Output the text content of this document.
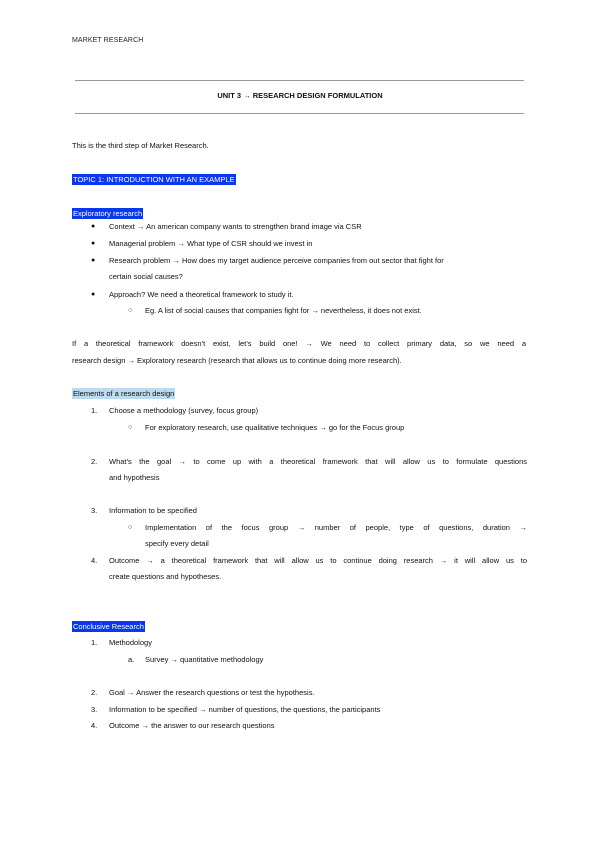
MARKET RESEARCH
UNIT 3 → RESEARCH DESIGN FORMULATION
This is the third step of Market Research.
TOPIC 1: INTRODUCTION WITH AN EXAMPLE
Exploratory research
● Context → An american company wants to strengthen brand image via CSR
● Managerial problem → What type of CSR should we invest in
● Research problem → How does my target audience perceive companies from out sector that fight for
certain social causes?
● Approach? We need a theoretical framework to study it.
○ Eg. A list of social causes that companies fight for → nevertheless, it does not exist.
If a theoretical framework doesn’t exist, let’s build one! → We need to collect primary data, so we need a
research design → Exploratory research (research that allows us to continue doing more research).
Elements of a research design
1. Choose a methodology (survey, focus group)
○ For exploratory research, use qualitative techniques → go for the Focus group
2. What’s the goal → to come up with a theoretical framework that will allow us to formulate questions
and hypothesis
3. Information to be specified
○ Implementation of the focus group → number of people, type of questions, duration →
specify every detail
4. Outcome → a theoretical framework that will allow us to continue doing research → it will allow us to
create questions and hypotheses.
Conclusive Research
1. Methodology
a. Survey → quantitative methodology
2. Goal → Answer the research questions or test the hypothesis.
3. Information to be specified → number of questions, the questions, the participants
4. Outcome → the answer to our research questions
